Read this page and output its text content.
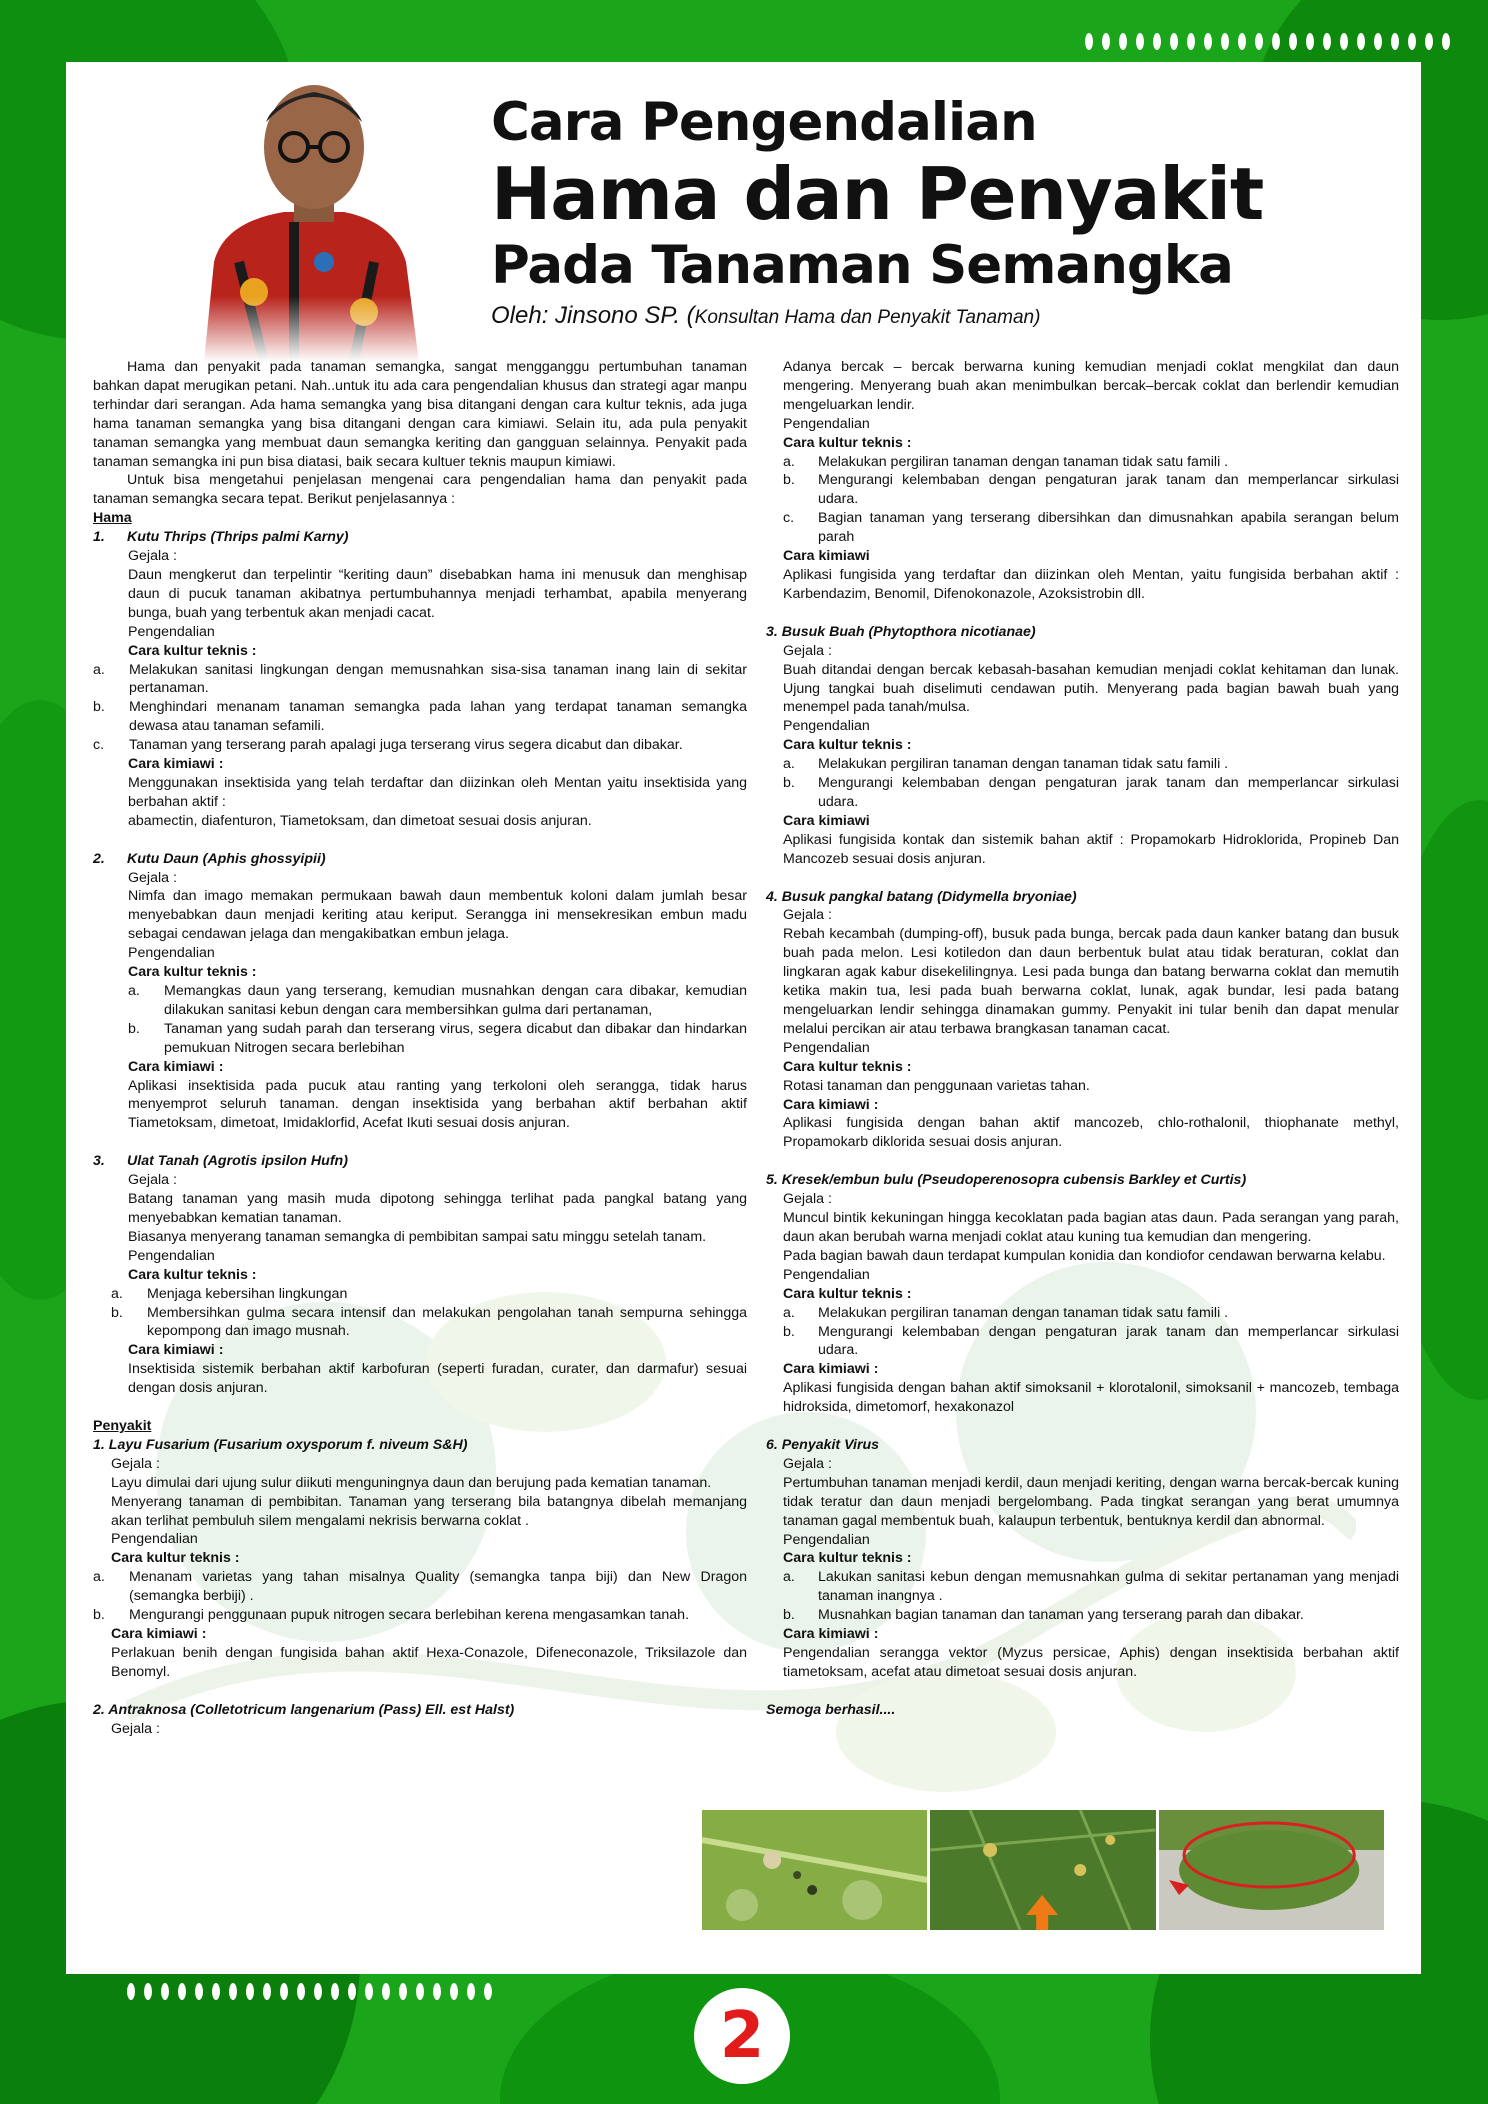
Cara Pengendalian
Hama dan Penyakit
Pada Tanaman Semangka
Oleh: Jinsono SP. (Konsultan Hama dan Penyakit Tanaman)

Hama dan penyakit pada tanaman semangka, sangat mengganggu pertumbuhan tanaman bahkan dapat merugikan petani. Nah..untuk itu ada cara pengendalian khusus dan strategi agar manpu terhindar dari serangan. Ada hama semangka yang bisa ditangani dengan cara kultur teknis, ada juga hama tanaman semangka yang bisa ditangani dengan cara kimiawi. Selain itu, ada pula penyakit tanaman semangka yang membuat daun semangka keriting dan gangguan selainnya. Penyakit pada tanaman semangka ini pun bisa diatasi, baik secara kultuer teknis maupun kimiawi.

Untuk bisa mengetahui penjelasan mengenai cara pengendalian hama dan penyakit pada tanaman semangka secara tepat. Berikut penjelasannya :

Hama

1. Kutu Thrips (Thrips palmi Karny)

Gejala :

Daun mengkerut dan terpelintir “keriting daun” disebabkan hama ini menusuk dan menghisap daun di pucuk tanaman akibatnya pertumbuhannya menjadi terhambat, apabila menyerang bunga, buah yang terbentuk akan menjadi cacat.

Pengendalian

Cara kultur teknis :

a.	Melakukan sanitasi lingkungan dengan memusnahkan sisa-sisa tanaman inang lain di sekitar pertanaman.
b.	Menghindari menanam tanaman semangka pada lahan yang terdapat tanaman semangka dewasa atau tanaman sefamili.
c.	Tanaman yang terserang parah apalagi juga terserang virus segera dicabut dan dibakar.

Cara kimiawi :

Menggunakan insektisida yang telah terdaftar dan diizinkan oleh Mentan yaitu insektisida yang berbahan aktif :

abamectin, diafenturon, Tiametoksam, dan dimetoat sesuai dosis anjuran.

2. Kutu Daun (Aphis ghossyipii)

Gejala :

Nimfa dan imago memakan permukaan bawah daun membentuk koloni dalam jumlah besar menyebabkan daun menjadi keriting atau keriput. Serangga ini mensekresikan embun madu sebagai cendawan jelaga dan mengakibatkan embun jelaga.

Pengendalian

Cara kultur teknis :

a.	Memangkas daun yang terserang, kemudian musnahkan dengan cara dibakar, kemudian dilakukan sanitasi kebun dengan cara membersihkan gulma dari pertanaman,
b.	Tanaman yang sudah parah dan terserang virus, segera dicabut dan dibakar dan hindarkan pemukuan Nitrogen secara berlebihan

Cara kimiawi :

Aplikasi insektisida pada pucuk atau ranting yang terkoloni oleh serangga, tidak harus menyemprot seluruh tanaman. dengan insektisida yang berbahan aktif berbahan aktif Tiametoksam, dimetoat, Imidaklorfid, Acefat Ikuti sesuai dosis anjuran.

3. Ulat Tanah (Agrotis ipsilon Hufn)

Gejala :

Batang tanaman yang masih muda dipotong sehingga terlihat pada pangkal batang yang menyebabkan kematian tanaman.

Biasanya menyerang tanaman semangka di pembibitan sampai satu minggu setelah tanam.

Pengendalian

Cara kultur teknis :

a.	Menjaga kebersihan lingkungan
b.	Membersihkan gulma secara intensif dan melakukan pengolahan tanah sempurna sehingga kepompong dan imago musnah.

Cara kimiawi :

Insektisida sistemik berbahan aktif karbofuran (seperti furadan, curater, dan darmafur) sesuai dengan dosis anjuran.

Penyakit

1. Layu Fusarium (Fusarium oxysporum f. niveum S&H)

Gejala :

Layu dimulai dari ujung sulur diikuti menguningnya daun dan berujung pada kematian tanaman.

Menyerang tanaman di pembibitan. Tanaman yang terserang bila batangnya dibelah memanjang akan terlihat pembuluh silem mengalami nekrisis berwarna coklat .

Pengendalian

Cara kultur teknis :

a.	Menanam varietas yang tahan misalnya Quality (semangka tanpa biji) dan New Dragon (semangka berbiji) .
b.	Mengurangi penggunaan pupuk nitrogen secara berlebihan kerena mengasamkan tanah.

Cara kimiawi :

Perlakuan benih dengan fungisida bahan aktif Hexa-Conazole, Difeneconazole, Triksilazole dan Benomyl.

2. Antraknosa (Colletotricum langenarium (Pass) Ell. est Halst)

Gejala :

Adanya bercak – bercak berwarna kuning kemudian menjadi coklat mengkilat dan daun mengering. Menyerang buah akan menimbulkan bercak–bercak coklat dan berlendir kemudian mengeluarkan lendir.

Pengendalian

Cara kultur teknis :

a.	Melakukan pergiliran tanaman dengan tanaman tidak satu famili .
b.	Mengurangi kelembaban dengan pengaturan jarak tanam dan memperlancar sirkulasi udara.
c.	Bagian tanaman yang terserang dibersihkan dan dimusnahkan apabila serangan belum parah

Cara kimiawi

Aplikasi fungisida yang terdaftar dan diizinkan oleh Mentan, yaitu fungisida berbahan aktif : Karbendazim, Benomil, Difenokonazole, Azoksistrobin dll.

3. Busuk Buah (Phytopthora nicotianae)

Gejala :

Buah ditandai dengan bercak kebasah-basahan kemudian menjadi coklat kehitaman dan lunak. Ujung tangkai buah diselimuti cendawan putih. Menyerang pada bagian bawah buah yang menempel pada tanah/mulsa.

Pengendalian

Cara kultur teknis :

a.	Melakukan pergiliran tanaman dengan tanaman tidak satu famili .
b.	Mengurangi kelembaban dengan pengaturan jarak tanam dan memperlancar sirkulasi udara.

Cara kimiawi

Aplikasi fungisida kontak dan sistemik bahan aktif : Propamokarb Hidroklorida, Propineb Dan Mancozeb sesuai dosis anjuran.

4. Busuk pangkal batang (Didymella bryoniae)

Gejala :

Rebah kecambah (dumping-off), busuk pada bunga, bercak pada daun kanker batang dan busuk buah pada melon. Lesi kotiledon dan daun berbentuk bulat atau tidak beraturan, coklat dan lingkaran agak kabur disekelilingnya. Lesi pada bunga dan batang berwarna coklat dan memutih ketika makin tua, lesi pada buah berwarna coklat, lunak, agak bundar, lesi pada batang mengeluarkan lendir sehingga dinamakan gummy. Penyakit ini tular benih dan dapat menular melalui percikan air atau terbawa brangkasan tanaman cacat.

Pengendalian

Cara kultur teknis :

Rotasi tanaman dan penggunaan varietas tahan.

Cara kimiawi :

Aplikasi fungisida dengan bahan aktif mancozeb, chlo-rothalonil, thiophanate methyl, Propamokarb diklorida sesuai dosis anjuran.

5. Kresek/embun bulu (Pseudoperenosopra cubensis Barkley et Curtis)

Gejala :

Muncul bintik kekuningan hingga kecoklatan pada bagian atas daun. Pada serangan yang parah, daun akan berubah warna menjadi coklat atau kuning tua kemudian dan mengering.

Pada bagian bawah daun terdapat kumpulan konidia dan kondiofor cendawan berwarna kelabu.

Pengendalian

Cara kultur teknis :

a.	Melakukan pergiliran tanaman dengan tanaman tidak satu famili .
b.	Mengurangi kelembaban dengan pengaturan jarak tanam dan memperlancar sirkulasi udara.

Cara kimiawi :

Aplikasi fungisida dengan bahan aktif simoksanil + klorotalonil, simoksanil + mancozeb, tembaga hidroksida, dimetomorf, hexakonazol

6. Penyakit Virus

Gejala :

Pertumbuhan tanaman menjadi kerdil, daun menjadi keriting, dengan warna bercak-bercak kuning tidak teratur dan daun menjadi bergelombang. Pada tingkat serangan yang berat umumnya tanaman gagal membentuk buah, kalaupun terbentuk, bentuknya kerdil dan abnormal.

Pengendalian

Cara kultur teknis :

a.	Lakukan sanitasi kebun dengan memusnahkan gulma di sekitar pertanaman yang menjadi tanaman inangnya .
b.	Musnahkan bagian tanaman dan tanaman yang terserang parah dan dibakar.

Cara kimiawi :

Pengendalian serangga vektor (Myzus persicae, Aphis) dengan insektisida berbahan aktif tiametoksam, acefat atau dimetoat sesuai dosis anjuran.

Semoga berhasil....

2
